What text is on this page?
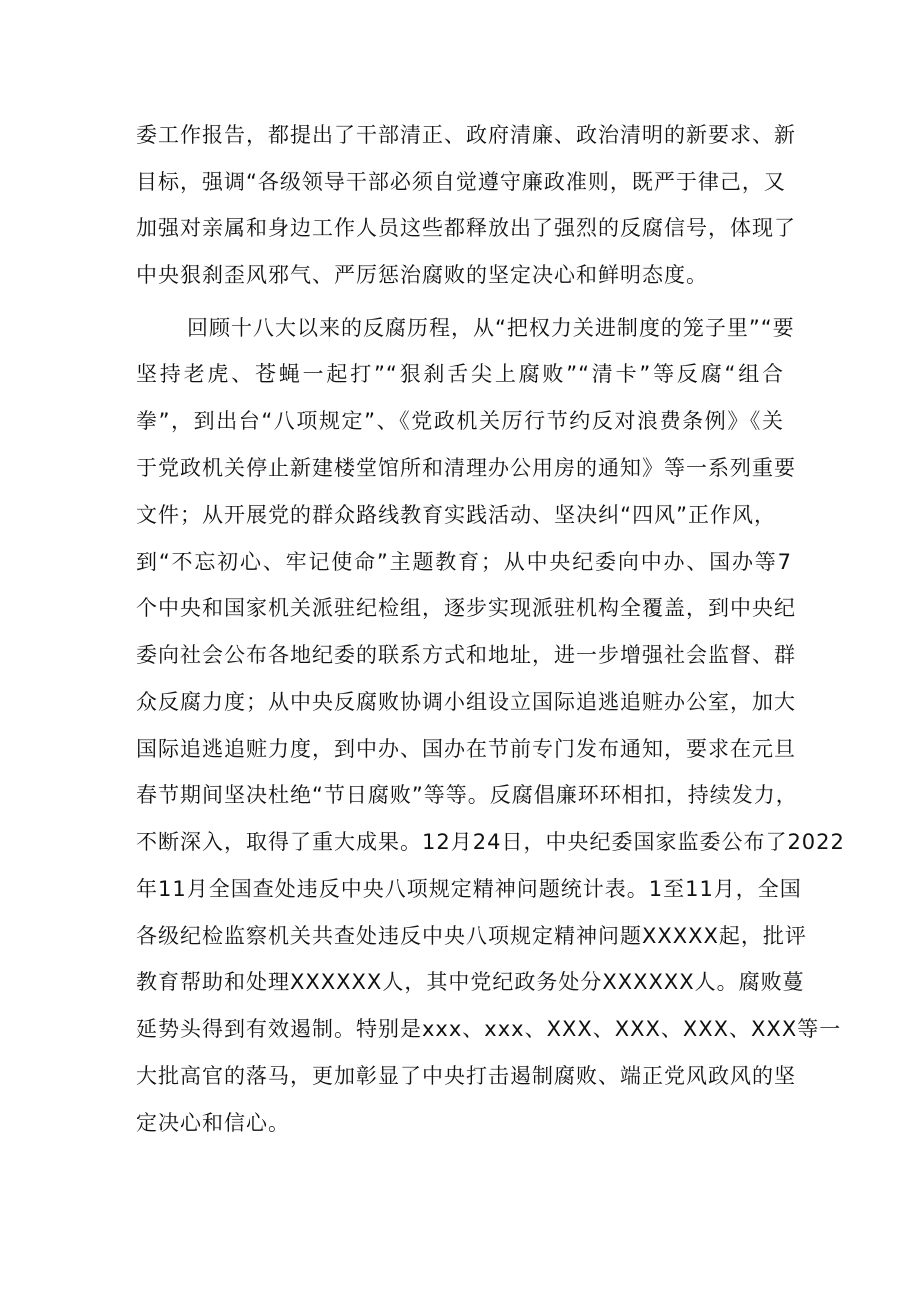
委工作报告，都提出了干部清正、政府清廉、政治清明的新要求、新
目标，强调“各级领导干部必须自觉遵守廉政准则，既严于律己，又
加强对亲属和身边工作人员这些都释放出了强烈的反腐信号，体现了
中央狠刹歪风邪气、严厉惩治腐败的坚定决心和鲜明态度。
回顾十八大以来的反腐历程，从“把权力关进制度的笼子里”“要
坚持老虎、苍蝇一起打”“狠刹舌尖上腐败”“清卡”等反腐“组合
拳”，到出台“八项规定”、《党政机关厉行节约反对浪费条例》《关
于党政机关停止新建楼堂馆所和清理办公用房的通知》等一系列重要
文件；从开展党的群众路线教育实践活动、坚决纠“四风”正作风，
到“不忘初心、牢记使命”主题教育；从中央纪委向中办、国办等7
个中央和国家机关派驻纪检组，逐步实现派驻机构全覆盖，到中央纪
委向社会公布各地纪委的联系方式和地址，进一步增强社会监督、群
众反腐力度；从中央反腐败协调小组设立国际追逃追赃办公室，加大
国际追逃追赃力度，到中办、国办在节前专门发布通知，要求在元旦
春节期间坚决杜绝“节日腐败”等等。反腐倡廉环环相扣，持续发力，
不断深入，取得了重大成果。12月24日，中央纪委国家监委公布了2022
年11月全国查处违反中央八项规定精神问题统计表。1至11月，全国
各级纪检监察机关共查处违反中央八项规定精神问题XXXXX起，批评
教育帮助和处理XXXXXX人，其中党纪政务处分XXXXXX人。腐败蔓
延势头得到有效遏制。特别是xxx、xxx、XXX、XXX、XXX、XXX等一
大批高官的落马，更加彰显了中央打击遏制腐败、端正党风政风的坚
定决心和信心。
